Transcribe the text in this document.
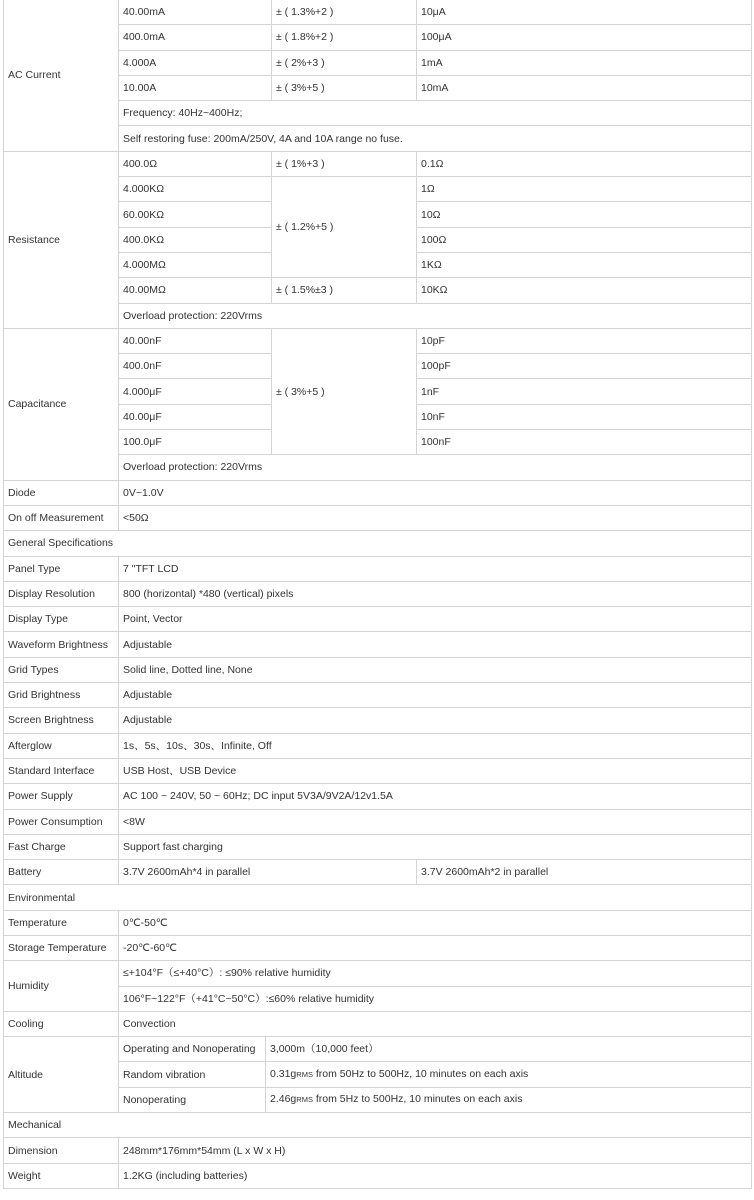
AC Current	40.00mA		± ( 1.3%+2 )	10μA
	400.0mA		± ( 1.8%+2 )	100μA
	4.000A		± ( 2%+3 )	1mA
	10.00A		± ( 3%+5 )	10mA
	Frequency: 40Hz~400Hz;			
	Self restoring fuse: 200mA/250V, 4A and 10A range no fuse.			
Resistance	400.0Ω		± ( 1%+3 )	0.1Ω
	4.000KΩ		± ( 1.2%+5 )	1Ω
	60.00KΩ			10Ω
	400.0KΩ			100Ω
	4.000MΩ			1KΩ
	40.00MΩ		± ( 1.5%±3 )	10KΩ
	Overload protection: 220Vrms			
Capacitance	40.00nF		± ( 3%+5 )	10pF
	400.0nF			100pF
	4.000μF			1nF
	40.00μF			10nF
	100.0μF			100nF
	Overload protection: 220Vrms			
Diode	0V~1.0V			
On off Measurement	<50Ω			
General Specifications				
Panel Type	7 "TFT LCD			
Display Resolution	800 (horizontal) *480 (vertical) pixels			
Display Type	Point, Vector			
Waveform Brightness	Adjustable			
Grid Types	Solid line, Dotted line, None			
Grid Brightness	Adjustable			
Screen Brightness	Adjustable			
Afterglow	1s、5s、10s、30s、Infinite, Off			
Standard Interface	USB Host、USB Device			
Power Supply	AC 100 ~ 240V, 50 ~ 60Hz; DC input 5V3A/9V2A/12v1.5A			
Power Consumption	<8W			
Fast Charge	Support fast charging			
Battery	3.7V 2600mAh*4 in parallel			3.7V 2600mAh*2 in parallel
Environmental				
Temperature	0℃-50℃			
Storage Temperature	-20℃-60℃			
Humidity	≤+104°F（≤+40°C）: ≤90% relative humidity			
	106°F~122°F（+41°C~50°C）:≤60% relative humidity			
Cooling	Convection			
Altitude	Operating and Nonoperating	3,000m（10,000 feet）		
	Random vibration	0.31gRMS from 50Hz to 500Hz, 10 minutes on each axis		
	Nonoperating	2.46gRMS from 5Hz to 500Hz, 10 minutes on each axis		
Mechanical				
Dimension	248mm*176mm*54mm (L x W x H)			
Weight	1.2KG (including batteries)			
